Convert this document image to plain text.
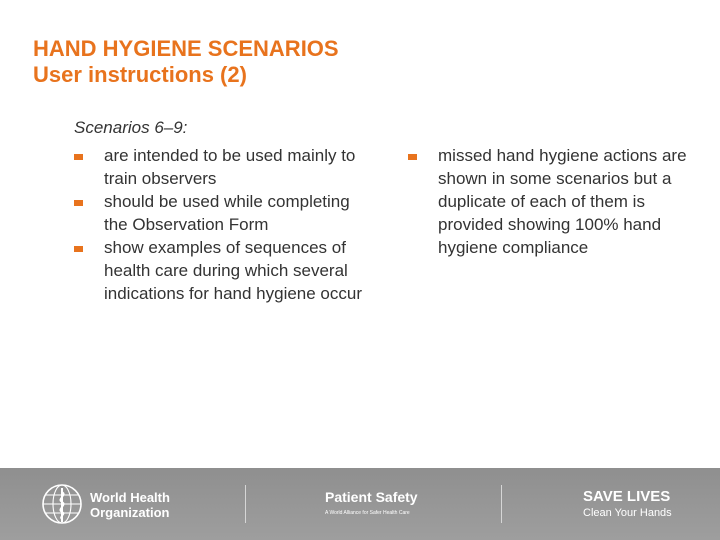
HAND HYGIENE SCENARIOS
User instructions (2)
Scenarios 6–9:
are intended to be used mainly to train observers
should be used while completing the Observation Form
show examples of sequences of health care during which several indications for hand hygiene occur
missed hand hygiene actions are shown in some scenarios but a duplicate of each of them is provided showing 100% hand hygiene compliance
World Health
Organization
Patient Safety
A World Alliance for Safer Health Care
SAVE LIVES
Clean Your Hands
